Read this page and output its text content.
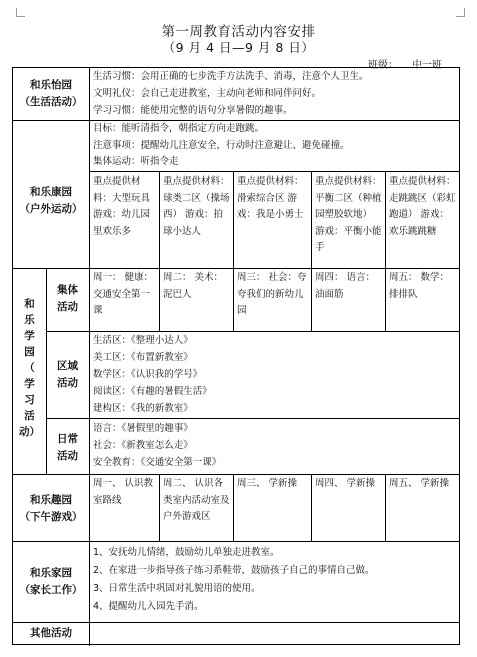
第一周教育活动内容安排
（9 月 4 日—9 月 8 日）
班级： 中一班
和乐怡园
（生活活动）
生活习惯：会用正确的七步洗手方法洗手、消毒，注意个人卫生。
文明礼仪：会自己走进教室，主动向老师和同伴问好。
学习习惯：能使用完整的语句分享暑假的趣事。
和乐康园
（户外运动）
目标：能听清指令，朝指定方向走跑跳。
注意事项：提醒幼儿注意安全，行动时注意避让、避免碰撞。
集体运动：听指令走
重点提供材料：大型玩具 游戏：幼儿园里欢乐多
重点提供材料：球类二区（操场西） 游戏：拍球小达人
重点提供材料：滑索综合区 游戏：我是小勇士
重点提供材料：平衡二区（种植园塑胶软地） 游戏：平衡小能手
重点提供材料：走跳跳区（彩虹跑道） 游戏：欢乐跳跳糖
和
乐
学
园
（
学
习
活
动）
集体
活动
周一： 健康：交通安全第一课
周二： 美术：泥巴人
周三： 社会：夸夸我们的新幼儿园
周四： 语言：油面筋
周五： 数学：排排队
区域
活动
生活区：《整理小达人》
美工区：《布置新教室》
数学区：《认识我的学号》
阅读区：《有趣的暑假生活》
建构区：《我的新教室》
日常
活动
语言：《暑假里的趣事》
社会：《新教室怎么走》
安全教育：《交通安全第一课》
和乐趣园
（下午游戏）
周一、 认识教室路线
周二、 认识各类室内活动室及户外游戏区
周三、 学新操	周四、 学新操	周五、 学新操
和乐家园
（家长工作）
1、安抚幼儿情绪，鼓励幼儿单独走进教室。
2、在家进一步指导孩子练习系鞋带，鼓励孩子自己的事情自己做。
3、日常生活中巩固对礼貌用语的使用。
4、提醒幼儿入园先手消。
其他活动
